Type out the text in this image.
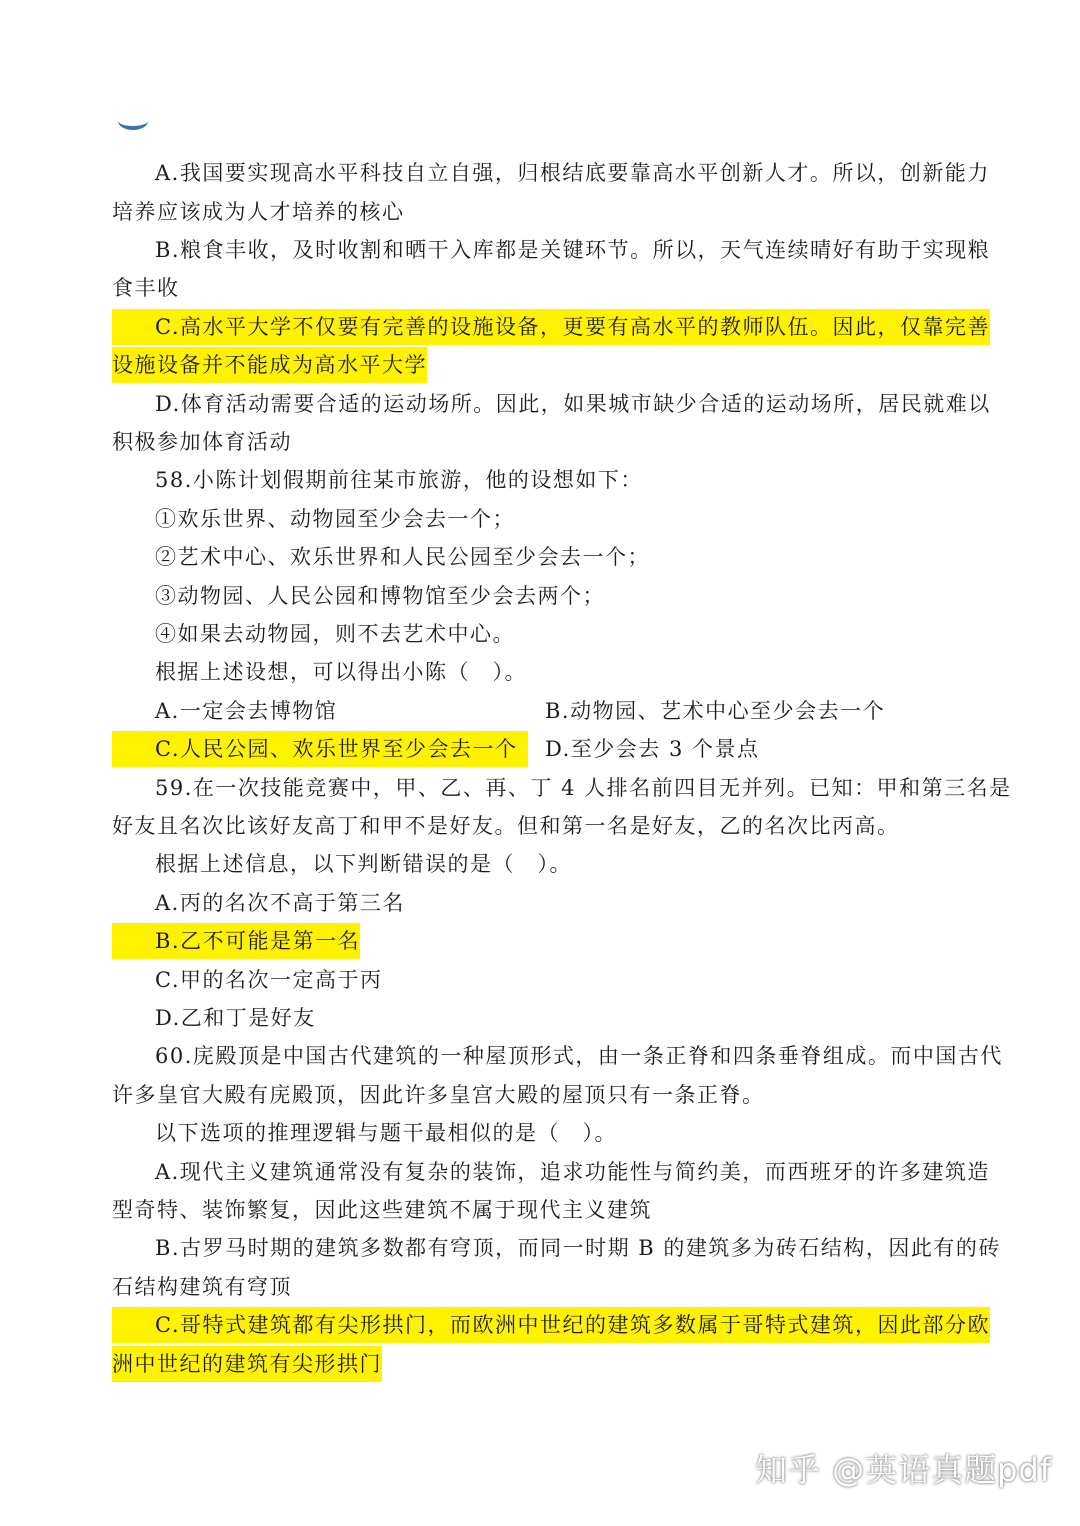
A.我国要实现高水平科技自立自强，归根结底要靠高水平创新人才。所以，创新能力
培养应该成为人才培养的核心
B.粮食丰收，及时收割和晒干入库都是关键环节。所以，天气连续晴好有助于实现粮
食丰收
C.高水平大学不仅要有完善的设施设备，更要有高水平的教师队伍。因此，仅靠完善
设施设备并不能成为高水平大学
D.体育活动需要合适的运动场所。因此，如果城市缺少合适的运动场所，居民就难以
积极参加体育活动
58.小陈计划假期前往某市旅游，他的设想如下：
①欢乐世界、动物园至少会去一个；
②艺术中心、欢乐世界和人民公园至少会去一个；
③动物园、人民公园和博物馆至少会去两个；
④如果去动物园，则不去艺术中心。
根据上述设想，可以得出小陈（　）。
A.一定会去博物馆	B.动物园、艺术中心至少会去一个
C.人民公园、欢乐世界至少会去一个	D.至少会去 3 个景点
59.在一次技能竞赛中，甲、乙、再、丁 4 人排名前四目无并列。已知：甲和第三名是
好友且名次比该好友高丁和甲不是好友。但和第一名是好友，乙的名次比丙高。
根据上述信息，以下判断错误的是（　）。
A.丙的名次不高于第三名
B.乙不可能是第一名
C.甲的名次一定高于丙
D.乙和丁是好友
60.庑殿顶是中国古代建筑的一种屋顶形式，由一条正脊和四条垂脊组成。而中国古代
许多皇官大殿有庑殿顶，因此许多皇宫大殿的屋顶只有一条正脊。
以下选项的推理逻辑与题干最相似的是（　）。
A.现代主义建筑通常没有复杂的装饰，追求功能性与简约美，而西班牙的许多建筑造
型奇特、装饰繁复，因此这些建筑不属于现代主义建筑
B.古罗马时期的建筑多数都有穹顶，而同一时期 B 的建筑多为砖石结构，因此有的砖
石结构建筑有穹顶
C.哥特式建筑都有尖形拱门，而欧洲中世纪的建筑多数属于哥特式建筑，因此部分欧
洲中世纪的建筑有尖形拱门
知乎 @英语真题pdf
